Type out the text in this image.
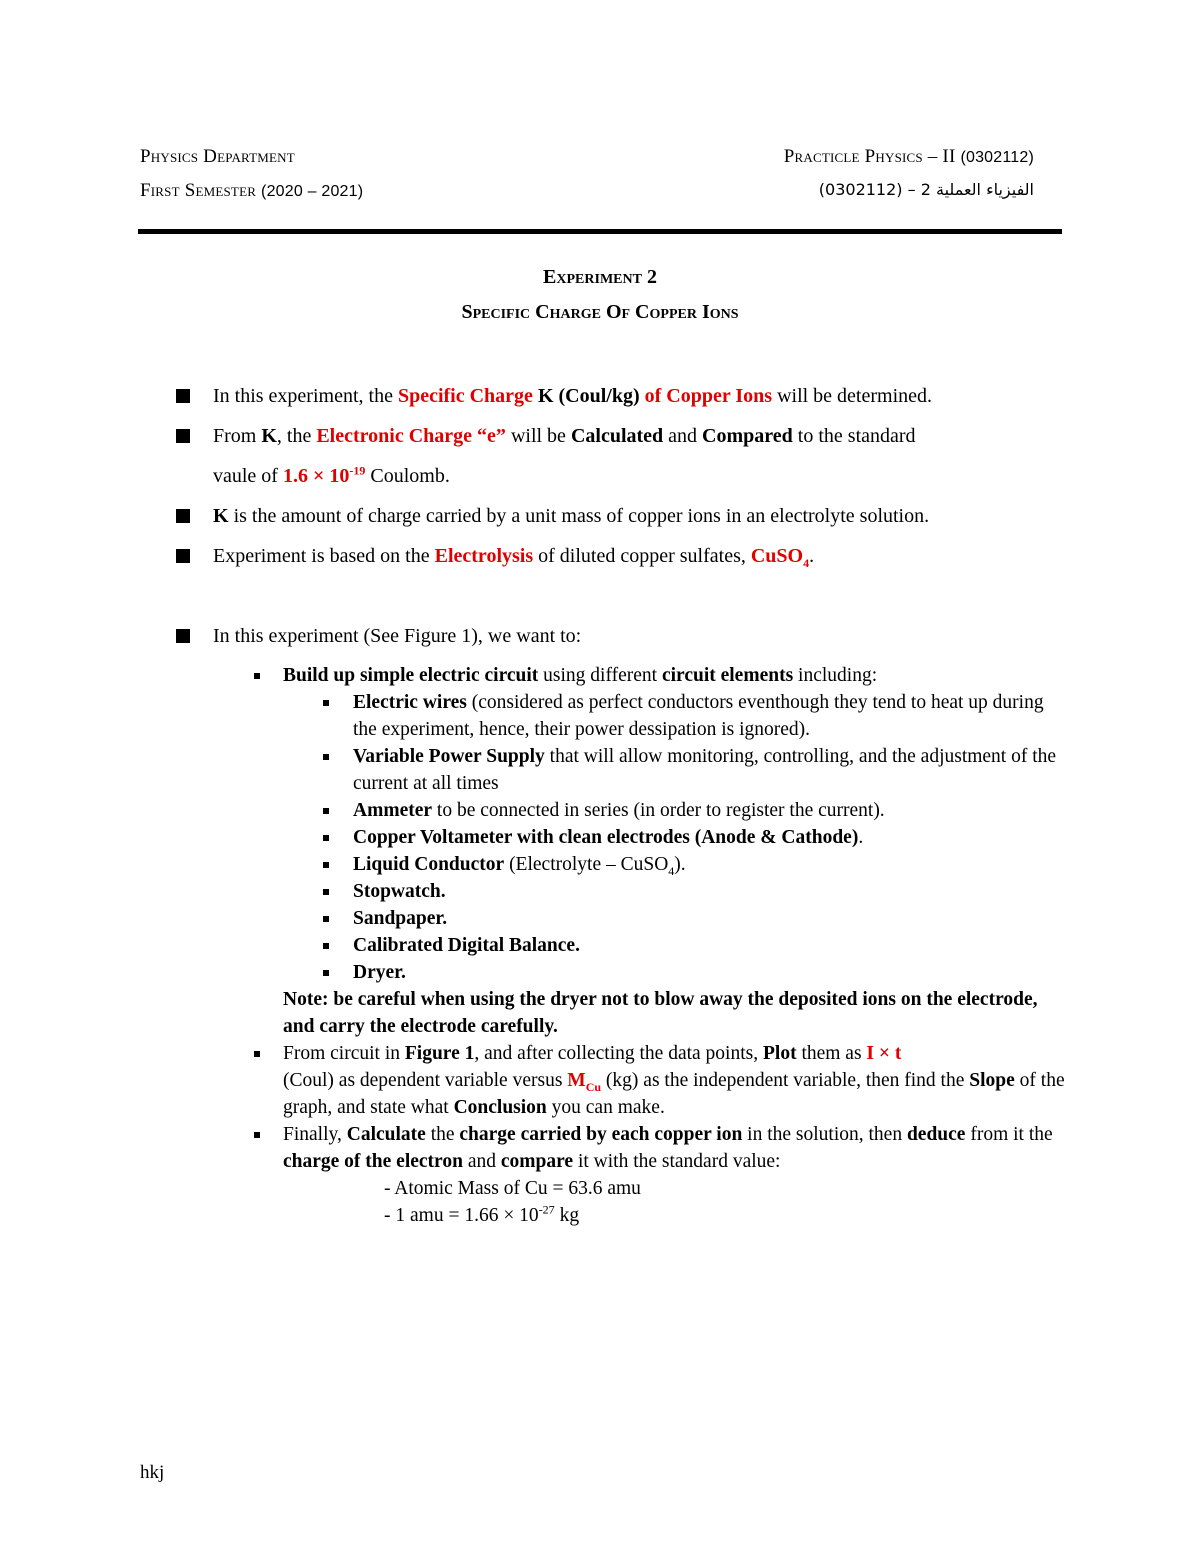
Physics Department
First Semester (2020 – 2021)
Practicle Physics – II (0302112)
الفيزياء العملية 2 – (0302112)
Experiment 2
Specific Charge Of Copper Ions
In this experiment, the Specific Charge K (Coul/kg) of Copper Ions will be determined.
From K, the Electronic Charge “e” will be Calculated and Compared to the standard
vaule of $1.6 \times 10^{-19}$ Coulomb.
K is the amount of charge carried by a unit mass of copper ions in an electrolyte solution.
Experiment is based on the Electrolysis of diluted copper sulfates, CuSO$_4$.
In this experiment (See Figure 1), we want to:
Build up simple electric circuit using different circuit elements including:
Electric wires (considered as perfect conductors eventhough they tend to heat up during the experiment, hence, their power dessipation is ignored).
Variable Power Supply that will allow monitoring, controlling, and the adjustment of the current at all times
Ammeter to be connected in series (in order to register the current).
Copper Voltameter with clean electrodes (Anode & Cathode).
Liquid Conductor (Electrolyte – CuSO$_4$).
Stopwatch.
Sandpaper.
Calibrated Digital Balance.
Dryer.
Note: be careful when using the dryer not to blow away the deposited ions on the electrode, and carry the electrode carefully.
From circuit in Figure 1, and after collecting the data points, Plot them as I × t
(Coul) as dependent variable versus $M_{Cu}$ (kg) as the independent variable, then find the Slope of the graph, and state what Conclusion you can make.
Finally, Calculate the charge carried by each copper ion in the solution, then deduce from it the charge of the electron and compare it with the standard value:
- Atomic Mass of Cu = 63.6 amu
- 1 amu = $1.66 \times 10^{-27}$ kg
hkj
